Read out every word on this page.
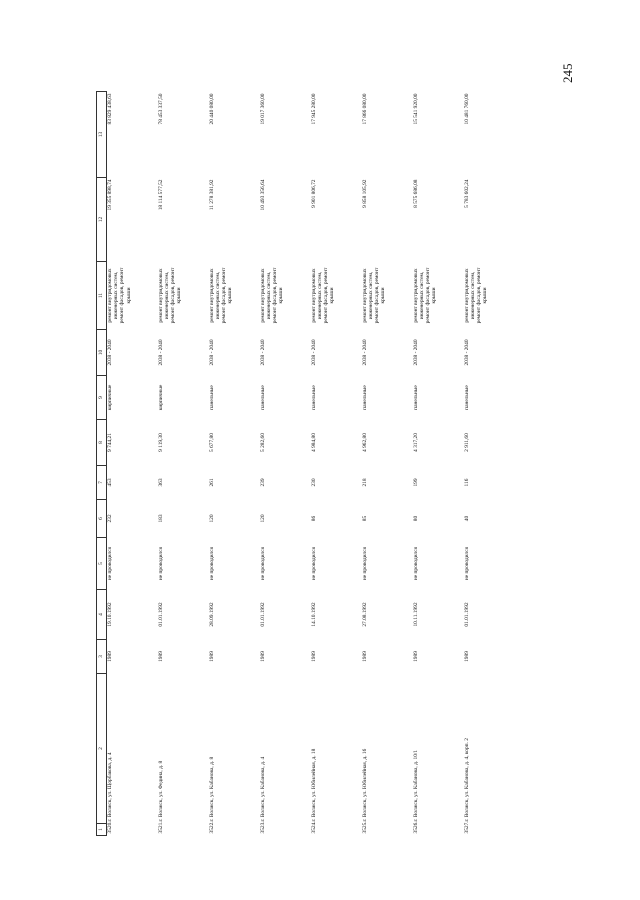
245
1	2	3	4	5	6	7	8	9	10	11	12	13
3520.	г. Волжск, ул. Щорбакова, д. 4	1989	19.10.1992	не проводился	232	453	9 744,21	кирпичные	2038 - 2040	ремонт внутридомовых инженерных систем, ремонт фасадов, ремонт крыши	19 355 898,74	83 829 438,63
3521.	г. Волжск, ул. Федина, д. 8	1989	01.01.1992	не проводился	183	363	9 119,30	кирпичные	2038 - 2040	ремонт внутридомовых инженерных систем, ремонт фасадов, ремонт крыши	18 114 577,52	78 453 337,50
3522.	г. Волжск, ул. Кабанова, д. 8	1989	28.09.1992	не проводился	120	261	5 677,80	панельные	2038 - 2040	ремонт внутридомовых инженерных систем, ремонт фасадов, ремонт крыши	11 278 381,92	20 440 080,00
3523.	г. Волжск, ул. Кабанова, д. 4	1989	01.01.1992	не проводился	120	239	5 282,60	панельные	2038 - 2040	ремонт внутридомовых инженерных систем, ремонт фасадов, ремонт крыши	10 493 356,64	19 017 360,00
3524.	г. Волжск, ул. Юбилейная, д. 18	1989	14.10.1992	не проводился	86	230	4 984,80	панельные	2038 - 2040	ремонт внутридомовых инженерных систем, ремонт фасадов, ремонт крыши	9 901 806,72	17 945 280,00
3525.	г. Волжск, ул. Юбилейная, д. 16	1989	27.08.1992	не проводился	85	218	4 962,80	панельные	2038 - 2040	ремонт внутридомовых инженерных систем, ремонт фасадов, ремонт крыши	9 858 105,92	17 866 080,00
3526.	г. Волжск, ул. Кабанова, д. 10/1	1989	10.11.1992	не проводился	80	199	4 317,20	панельные	2038 - 2040	ремонт внутридомовых инженерных систем, ремонт фасадов, ремонт крыши	8 575 686,08	15 541 920,00
3527.	г. Волжск, ул. Кабанова, д. 4, корп. 2	1989	01.01.1992	не проводился	40	116	2 911,60	панельные	2038 - 2040	ремонт внутридомовых инженерных систем, ремонт фасадов, ремонт крыши	5 783 602,24	10 481 760,00
